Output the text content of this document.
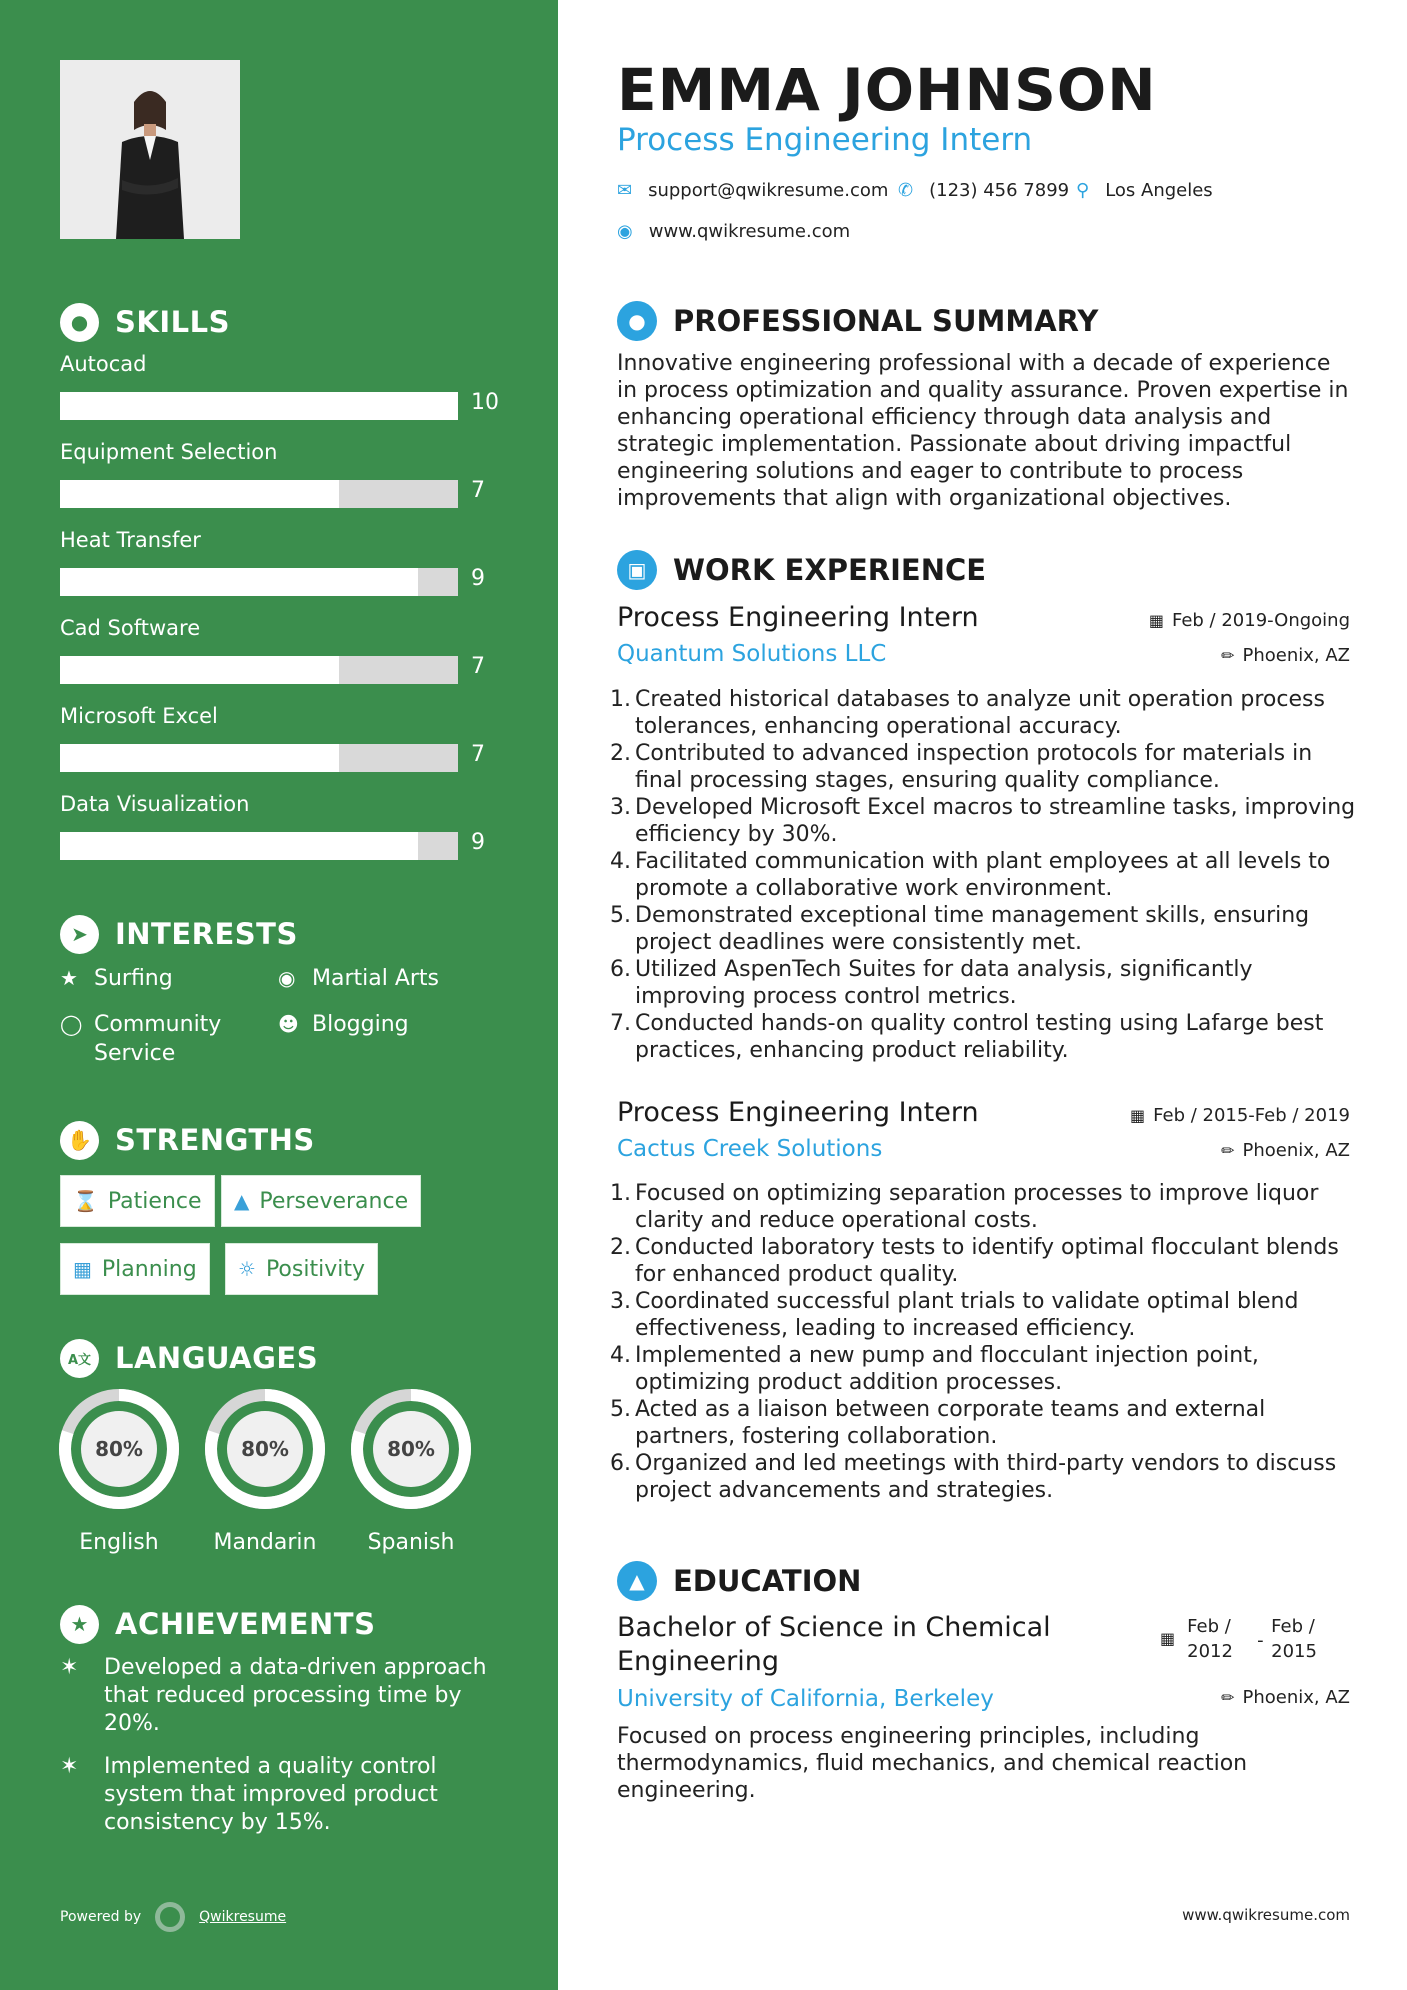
● SKILLS
Autocad
10
Equipment Selection
7
Heat Transfer
9
Cad Software
7
Microsoft Excel
7
Data Visualization
9
➤ INTERESTS
★ Surfing	◉ Martial Arts
◯ Community Service
☻ Blogging
✋ STRENGTHS
⌛ Patience ▲ Perseverance
▦ Planning ☼ Positivity
A文 LANGUAGES
80%
English
80%
Mandarin
80%
Spanish
★ ACHIEVEMENTS
✶	Developed a data-driven approach that reduced processing time by 20%.
✶	Implemented a quality control system that improved product consistency by 15%.
Powered by	Qwikresume
EMMA JOHNSON
Process Engineering Intern
✉ support@qwikresume.com ✆ (123) 456 7899 ⚲ Los Angeles
◉ www.qwikresume.com
● PROFESSIONAL SUMMARY
Innovative engineering professional with a decade of experience in process optimization and quality assurance. Proven expertise in enhancing operational efficiency through data analysis and strategic implementation. Passionate about driving impactful engineering solutions and eager to contribute to process improvements that align with organizational objectives.
▣ WORK EXPERIENCE
Process Engineering Intern	▦ Feb / 2019-Ongoing
Quantum Solutions LLC	✏ Phoenix, AZ
Created historical databases to analyze unit operation process tolerances, enhancing operational accuracy.
Contributed to advanced inspection protocols for materials in final processing stages, ensuring quality compliance.
Developed Microsoft Excel macros to streamline tasks, improving efficiency by 30%.
Facilitated communication with plant employees at all levels to promote a collaborative work environment.
Demonstrated exceptional time management skills, ensuring project deadlines were consistently met.
Utilized AspenTech Suites for data analysis, significantly improving process control metrics.
Conducted hands-on quality control testing using Lafarge best practices, enhancing product reliability.
Process Engineering Intern	▦ Feb / 2015-Feb / 2019
Cactus Creek Solutions	✏ Phoenix, AZ
Focused on optimizing separation processes to improve liquor clarity and reduce operational costs.
Conducted laboratory tests to identify optimal flocculant blends for enhanced product quality.
Coordinated successful plant trials to validate optimal blend effectiveness, leading to increased efficiency.
Implemented a new pump and flocculant injection point, optimizing product addition processes.
Acted as a liaison between corporate teams and external partners, fostering collaboration.
Organized and led meetings with third-party vendors to discuss project advancements and strategies.
▲ EDUCATION
Bachelor of Science in Chemical Engineering
▦
Feb / 2012
-
Feb / 2015
University of California, Berkeley	✏ Phoenix, AZ
Focused on process engineering principles, including thermodynamics, fluid mechanics, and chemical reaction engineering.
www.qwikresume.com
